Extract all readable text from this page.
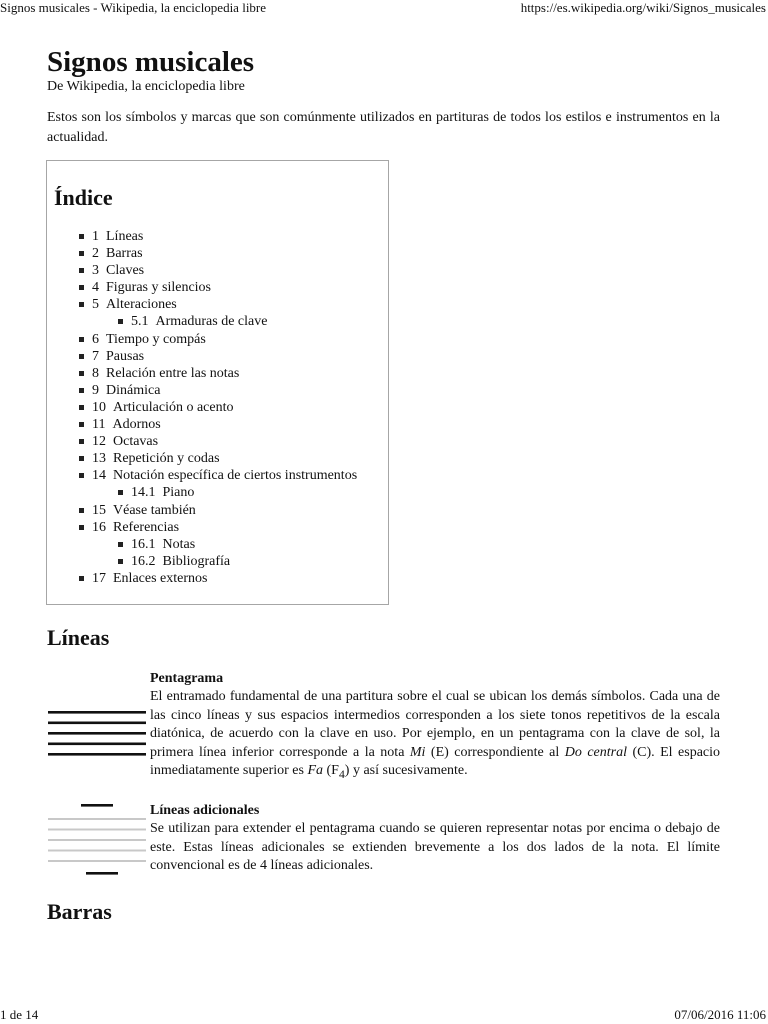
Signos musicales - Wikipedia, la enciclopedia libre	https://es.wikipedia.org/wiki/Signos_musicales
Signos musicales
De Wikipedia, la enciclopedia libre

Estos son los símbolos y marcas que son comúnmente utilizados en partituras de todos los estilos e instrumentos en la actualidad.

Índice
1 Líneas
2 Barras
3 Claves
4 Figuras y silencios
5 Alteraciones
5.1 Armaduras de clave
6 Tiempo y compás
7 Pausas
8 Relación entre las notas
9 Dinámica
10 Articulación o acento
11 Adornos
12 Octavas
13 Repetición y codas
14 Notación específica de ciertos instrumentos
14.1 Piano
15 Véase también
16 Referencias
16.1 Notas
16.2 Bibliografía
17 Enlaces externos
Líneas
Pentagrama
El entramado fundamental de una partitura sobre el cual se ubican los demás símbolos. Cada una de las cinco líneas y sus espacios intermedios corresponden a los siete tonos repetitivos de la escala diatónica, de acuerdo con la clave en uso. Por ejemplo, en un pentagrama con la clave de sol, la primera línea inferior corresponde a la nota Mi (E) correspondiente al Do central (C). El espacio inmediatamente superior es Fa $(F_4)$ y así sucesivamente.
Líneas adicionales
Se utilizan para extender el pentagrama cuando se quieren representar notas por encima o debajo de este. Estas líneas adicionales se extienden brevemente a los dos lados de la nota. El límite convencional es de 4 líneas adicionales.
Barras
1 de 14	07/06/2016 11:06
